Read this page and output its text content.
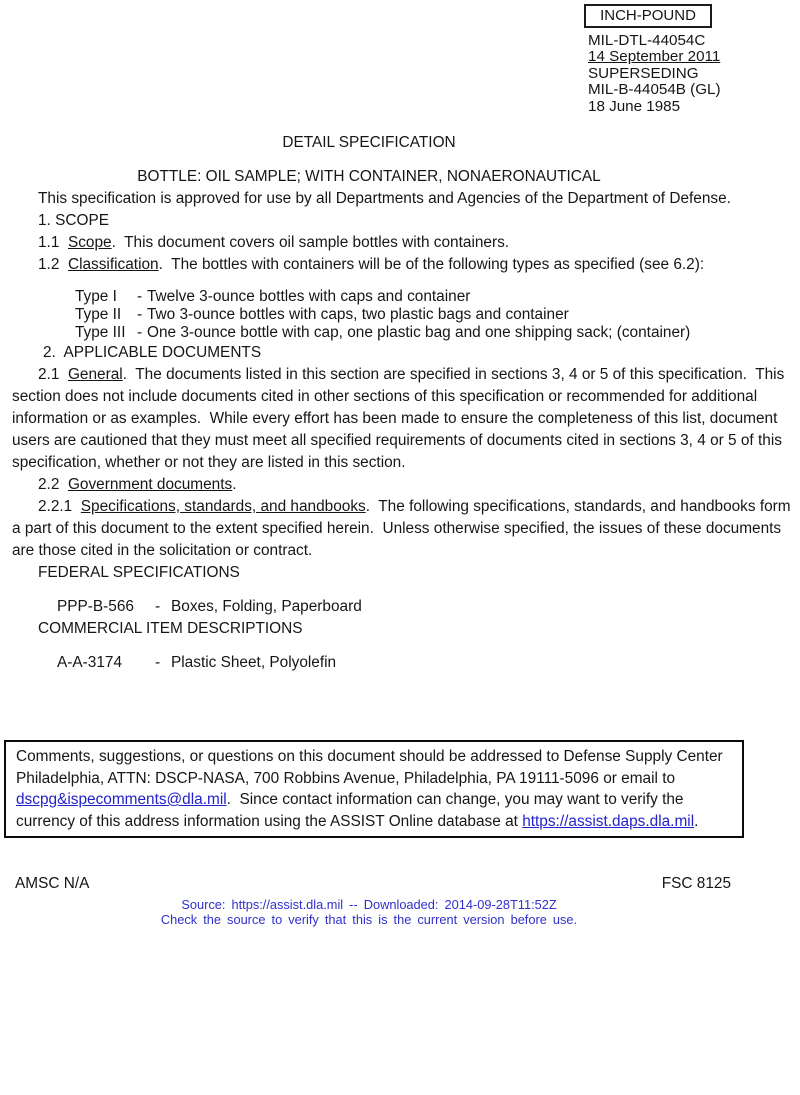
INCH-POUND
MIL-DTL-44054C
14 September 2011
SUPERSEDING
MIL-B-44054B (GL)
18 June 1985
DETAIL SPECIFICATION
BOTTLE: OIL SAMPLE; WITH CONTAINER, NONAERONAUTICAL

This specification is approved for use by all Departments and Agencies of the Department of Defense.

1. SCOPE

1.1  Scope.  This document covers oil sample bottles with containers.

1.2  Classification.  The bottles with containers will be of the following types as specified (see 6.2):

Type I	- Twelve 3-ounce bottles with caps and container
Type II	- Two 3-ounce bottles with caps, two plastic bags and container
Type III - One 3-ounce bottle with cap, one plastic bag and one shipping sack; (container)

2.  APPLICABLE DOCUMENTS

2.1  General.  The documents listed in this section are specified in sections 3, 4 or 5 of this specification.  This section does not include documents cited in other sections of this specification or recommended for additional information or as examples.  While every effort has been made to ensure the completeness of this list, document users are cautioned that they must meet all specified requirements of documents cited in sections 3, 4 or 5 of this specification, whether or not they are listed in this section.

2.2  Government documents.

2.2.1  Specifications, standards, and handbooks.  The following specifications, standards, and handbooks form a part of this document to the extent specified herein.  Unless otherwise specified, the issues of these documents are those cited in the solicitation or contract.

FEDERAL SPECIFICATIONS

PPP-B-566	- Boxes, Folding, Paperboard

COMMERCIAL ITEM DESCRIPTIONS

A-A-3174	- Plastic Sheet, Polyolefin
Comments, suggestions, or questions on this document should be addressed to Defense Supply Center Philadelphia, ATTN: DSCP-NASA, 700 Robbins Avenue, Philadelphia, PA 19111-5096 or email to dscpg&ispecomments@dla.mil.  Since contact information can change, you may want to verify the currency of this address information using the ASSIST Online database at https://assist.daps.dla.mil.
AMSC N/A	FSC 8125
Source: https://assist.dla.mil -- Downloaded: 2014-09-28T11:52Z
Check the source to verify that this is the current version before use.
